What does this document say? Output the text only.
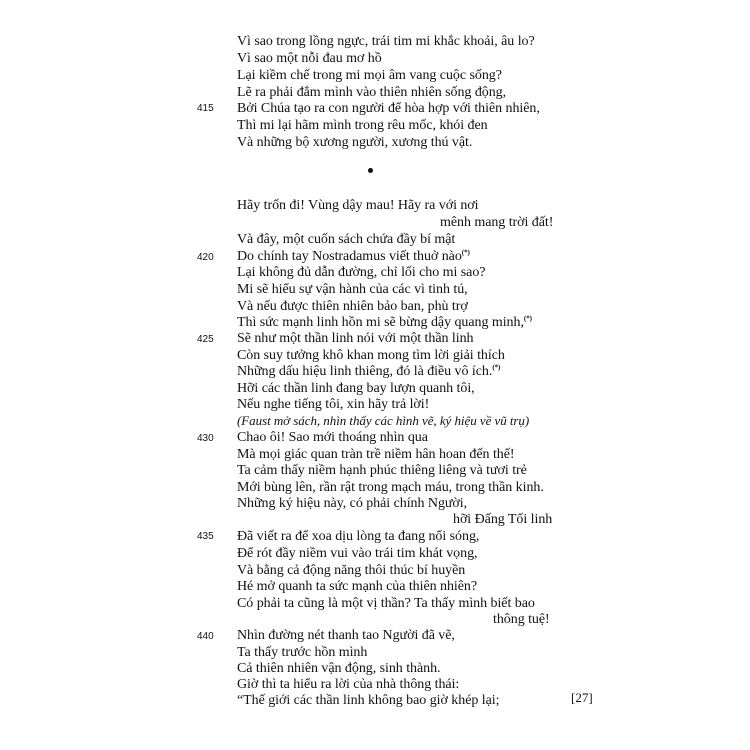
Vì sao trong lồng ngực, trái tim mi khắc khoải, âu lo?
Vì sao một nỗi đau mơ hồ
Lại kiềm chế trong mi mọi âm vang cuộc sống?
Lẽ ra phải đắm mình vào thiên nhiên sống động,
415 Bởi Chúa tạo ra con người để hòa hợp với thiên nhiên,
Thì mi lại hãm mình trong rêu mốc, khói đen
Và những bộ xương người, xương thú vật.
Hãy trốn đi! Vùng dậy mau! Hãy ra với nơi
mênh mang trời đất!
Và đây, một cuốn sách chứa đầy bí mật
420 Do chính tay Nostradamus viết thuở nào(*)
Lại không đủ dẫn đường, chỉ lối cho mi sao?
Mi sẽ hiểu sự vận hành của các vì tinh tú,
Và nếu được thiên nhiên bảo ban, phù trợ
Thì sức mạnh linh hồn mi sẽ bừng dậy quang minh,(*)
425 Sẽ như một thần linh nói với một thần linh
Còn suy tưởng khô khan mong tìm lời giải thích
Những dấu hiệu linh thiêng, đó là điều vô ích.(*)
Hỡi các thần linh đang bay lượn quanh tôi,
Nếu nghe tiếng tôi, xin hãy trả lời!
(Faust mở sách, nhìn thấy các hình vẽ, ký hiệu về vũ trụ)
430 Chao ôi! Sao mới thoáng nhìn qua
Mà mọi giác quan tràn trề niềm hân hoan đến thế!
Ta cảm thấy niềm hạnh phúc thiêng liêng và tươi trẻ
Mới bùng lên, rần rật trong mạch máu, trong thần kinh.
Những ký hiệu này, có phải chính Người,
hỡi Đấng Tối linh
435 Đã viết ra để xoa dịu lòng ta đang nổi sóng,
Để rót đầy niềm vui vào trái tim khát vọng,
Và bằng cả động năng thôi thúc bí huyền
Hé mở quanh ta sức mạnh của thiên nhiên?
Có phải ta cũng là một vị thần? Ta thấy mình biết bao
thông tuệ!
440 Nhìn đường nét thanh tao Người đã vẽ,
Ta thấy trước hồn mình
Cả thiên nhiên vận động, sinh thành.
Giờ thì ta hiểu ra lời của nhà thông thái:
“Thế giới các thần linh không bao giờ khép lại;	[27]
